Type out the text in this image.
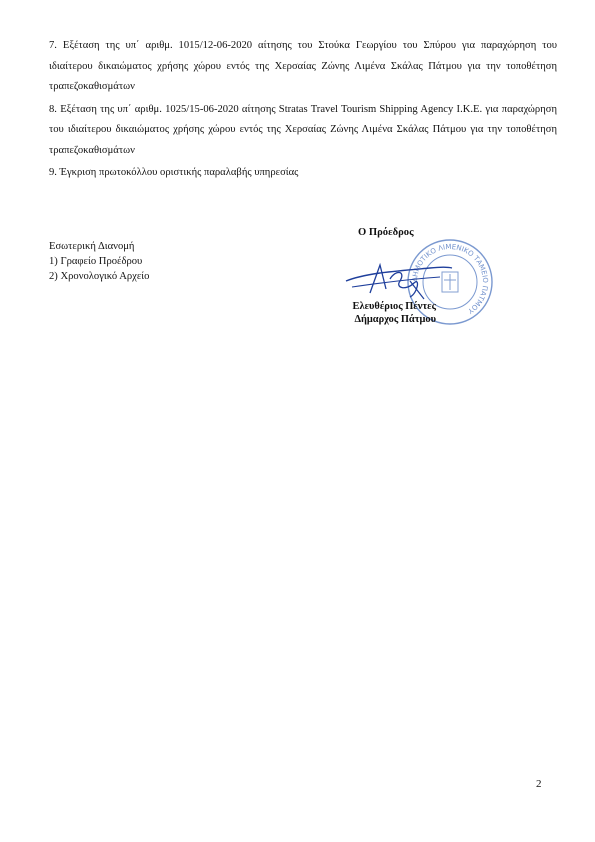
7. Εξέταση της υπ΄ αριθμ. 1015/12-06-2020 αίτησης του Στούκα Γεωργίου του Σπύρου για παραχώρηση του ιδιαίτερου δικαιώματος χρήσης χώρου εντός της Χερσαίας Ζώνης Λιμένα Σκάλας Πάτμου για την τοποθέτηση τραπεζοκαθισμάτων

8. Εξέταση της υπ΄ αριθμ. 1025/15-06-2020 αίτησης Stratas Travel Tourism Shipping Agency I.K.E. για παραχώρηση του ιδιαίτερου δικαιώματος χρήσης χώρου εντός της Χερσαίας Ζώνης Λιμένα Σκάλας Πάτμου για την τοποθέτηση τραπεζοκαθισμάτων

9. Έγκριση πρωτοκόλλου οριστικής παραλαβής υπηρεσίας

Ο Πρόεδρος

Εσωτερική Διανομή

1) Γραφείο Προέδρου

2) Χρονολογικό Αρχείο	ΔΗΜΟΤΙΚΟ ΛΙΜΕΝΙΚΟ ΤΑΜΕΙΟ ΠΑΤΜΟΥ
Ελευθέριος Πέντες
Δήμαρχος Πάτμου
2
